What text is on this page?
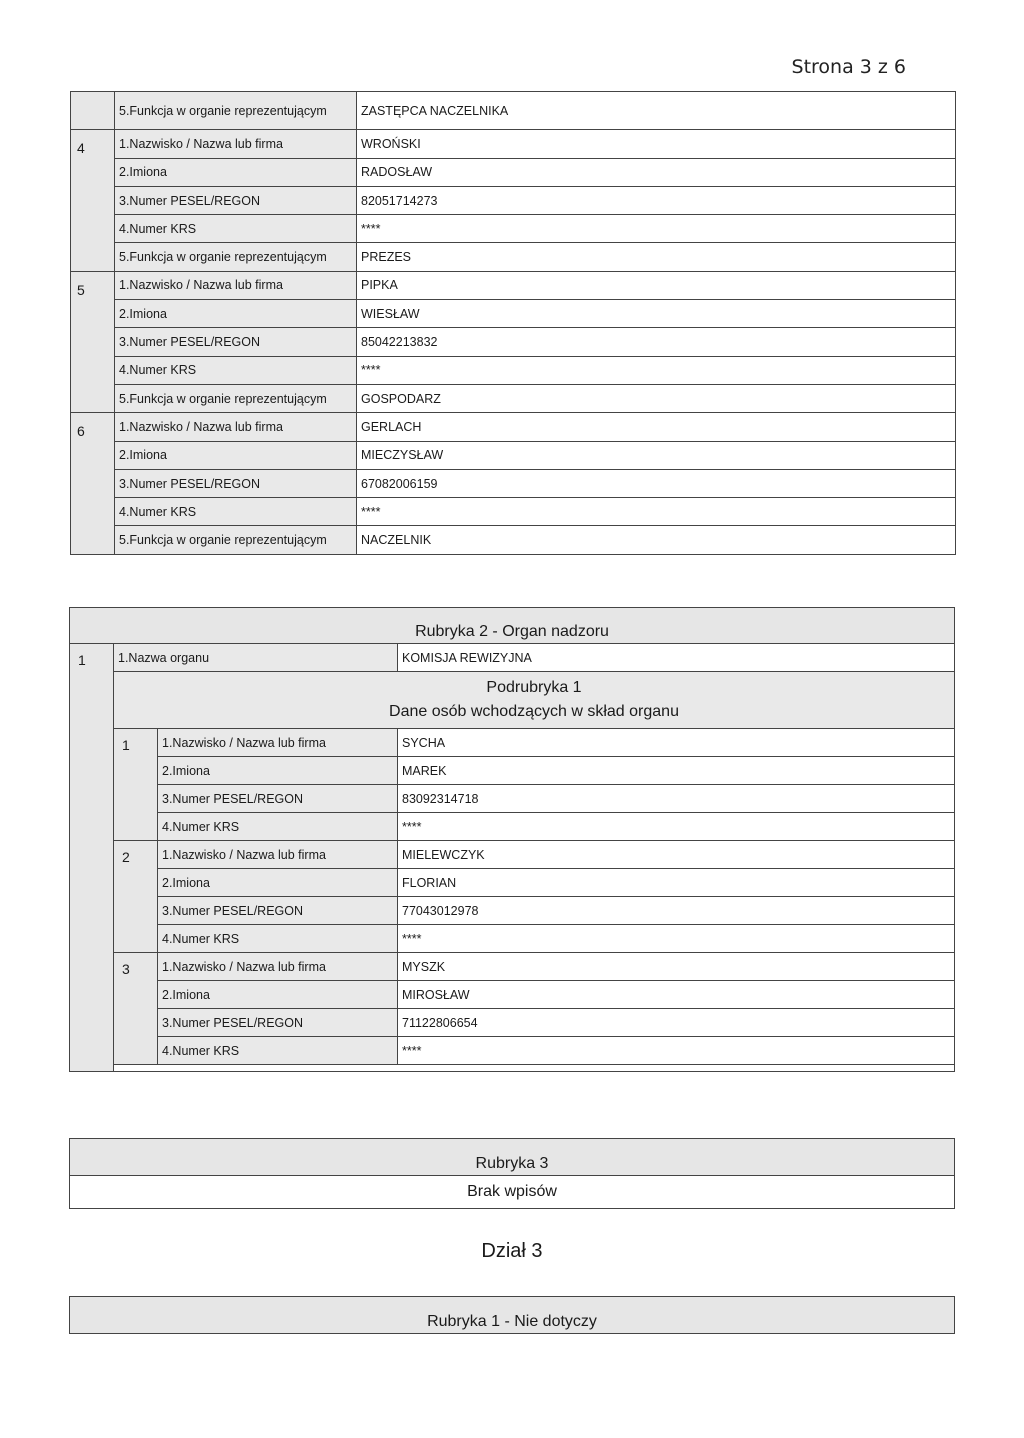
Strona 3 z 6
	5.Funkcja w organie reprezentującym	ZASTĘPCA NACZELNIKA
4	1.Nazwisko / Nazwa lub firma	WROŃSKI
	2.Imiona	RADOSŁAW
	3.Numer PESEL/REGON	82051714273
	4.Numer KRS	****
	5.Funkcja w organie reprezentującym	PREZES
5	1.Nazwisko / Nazwa lub firma	PIPKA
	2.Imiona	WIESŁAW
	3.Numer PESEL/REGON	85042213832
	4.Numer KRS	****
	5.Funkcja w organie reprezentującym	GOSPODARZ
6	1.Nazwisko / Nazwa lub firma	GERLACH
	2.Imiona	MIECZYSŁAW
	3.Numer PESEL/REGON	67082006159
	4.Numer KRS	****
	5.Funkcja w organie reprezentującym	NACZELNIK
Rubryka 2 - Organ nadzoru			
1	1.Nazwa organu		KOMISJA REWIZYJNA
	Podrubryka 1
Dane osób wchodzących w skład organu		
	1	1.Nazwisko / Nazwa lub firma	SYCHA
		2.Imiona	MAREK
		3.Numer PESEL/REGON	83092314718
		4.Numer KRS	****
	2	1.Nazwisko / Nazwa lub firma	MIELEWCZYK
		2.Imiona	FLORIAN
		3.Numer PESEL/REGON	77043012978
		4.Numer KRS	****
	3	1.Nazwisko / Nazwa lub firma	MYSZK
		2.Imiona	MIROSŁAW
		3.Numer PESEL/REGON	71122806654
		4.Numer KRS	****

Rubryka 3
Brak wpisów
Dział 3
Rubryka 1 - Nie dotyczy
